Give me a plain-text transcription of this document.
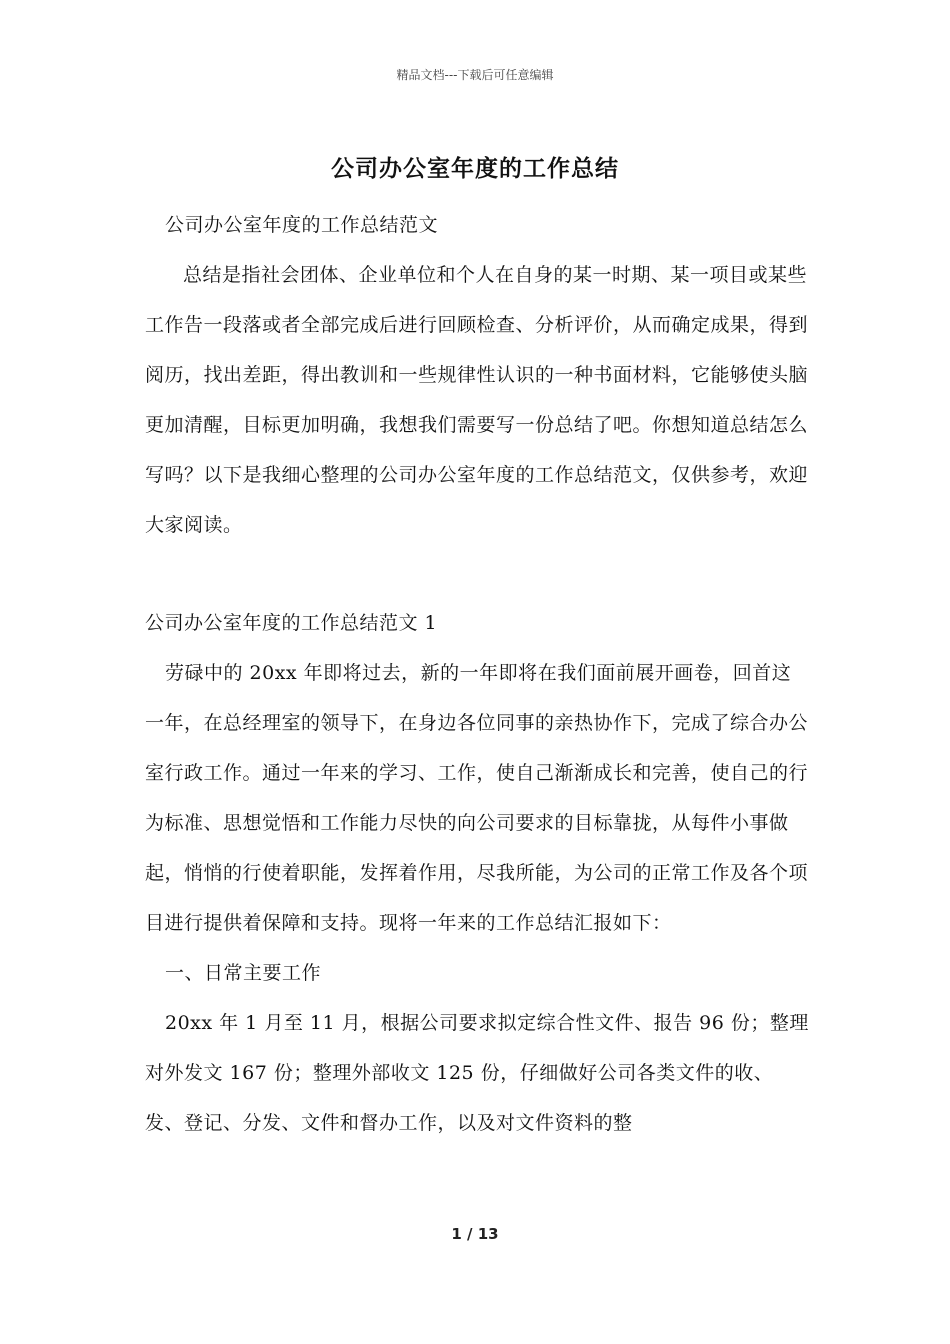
精品文档---下载后可任意编辑
公司办公室年度的工作总结

公司办公室年度的工作总结范文

总结是指社会团体、企业单位和个人在自身的某一时期、某一项目或某些工作告一段落或者全部完成后进行回顾检查、分析评价，从而确定成果，得到阅历，找出差距，得出教训和一些规律性认识的一种书面材料，它能够使头脑更加清醒，目标更加明确，我想我们需要写一份总结了吧。你想知道总结怎么写吗？以下是我细心整理的公司办公室年度的工作总结范文，仅供参考，欢迎大家阅读。

公司办公室年度的工作总结范文 1

劳碌中的 20xx 年即将过去，新的一年即将在我们面前展开画卷，回首这一年，在总经理室的领导下，在身边各位同事的亲热协作下，完成了综合办公室行政工作。通过一年来的学习、工作，使自己渐渐成长和完善，使自己的行为标准、思想觉悟和工作能力尽快的向公司要求的目标靠拢，从每件小事做起，悄悄的行使着职能，发挥着作用，尽我所能，为公司的正常工作及各个项目进行提供着保障和支持。现将一年来的工作总结汇报如下：

一、日常主要工作

20xx 年 1 月至 11 月，根据公司要求拟定综合性文件、报告 96 份；整理对外发文 167 份；整理外部收文 125 份，仔细做好公司各类文件的收、发、登记、分发、文件和督办工作，以及对文件资料的整

1 / 13
